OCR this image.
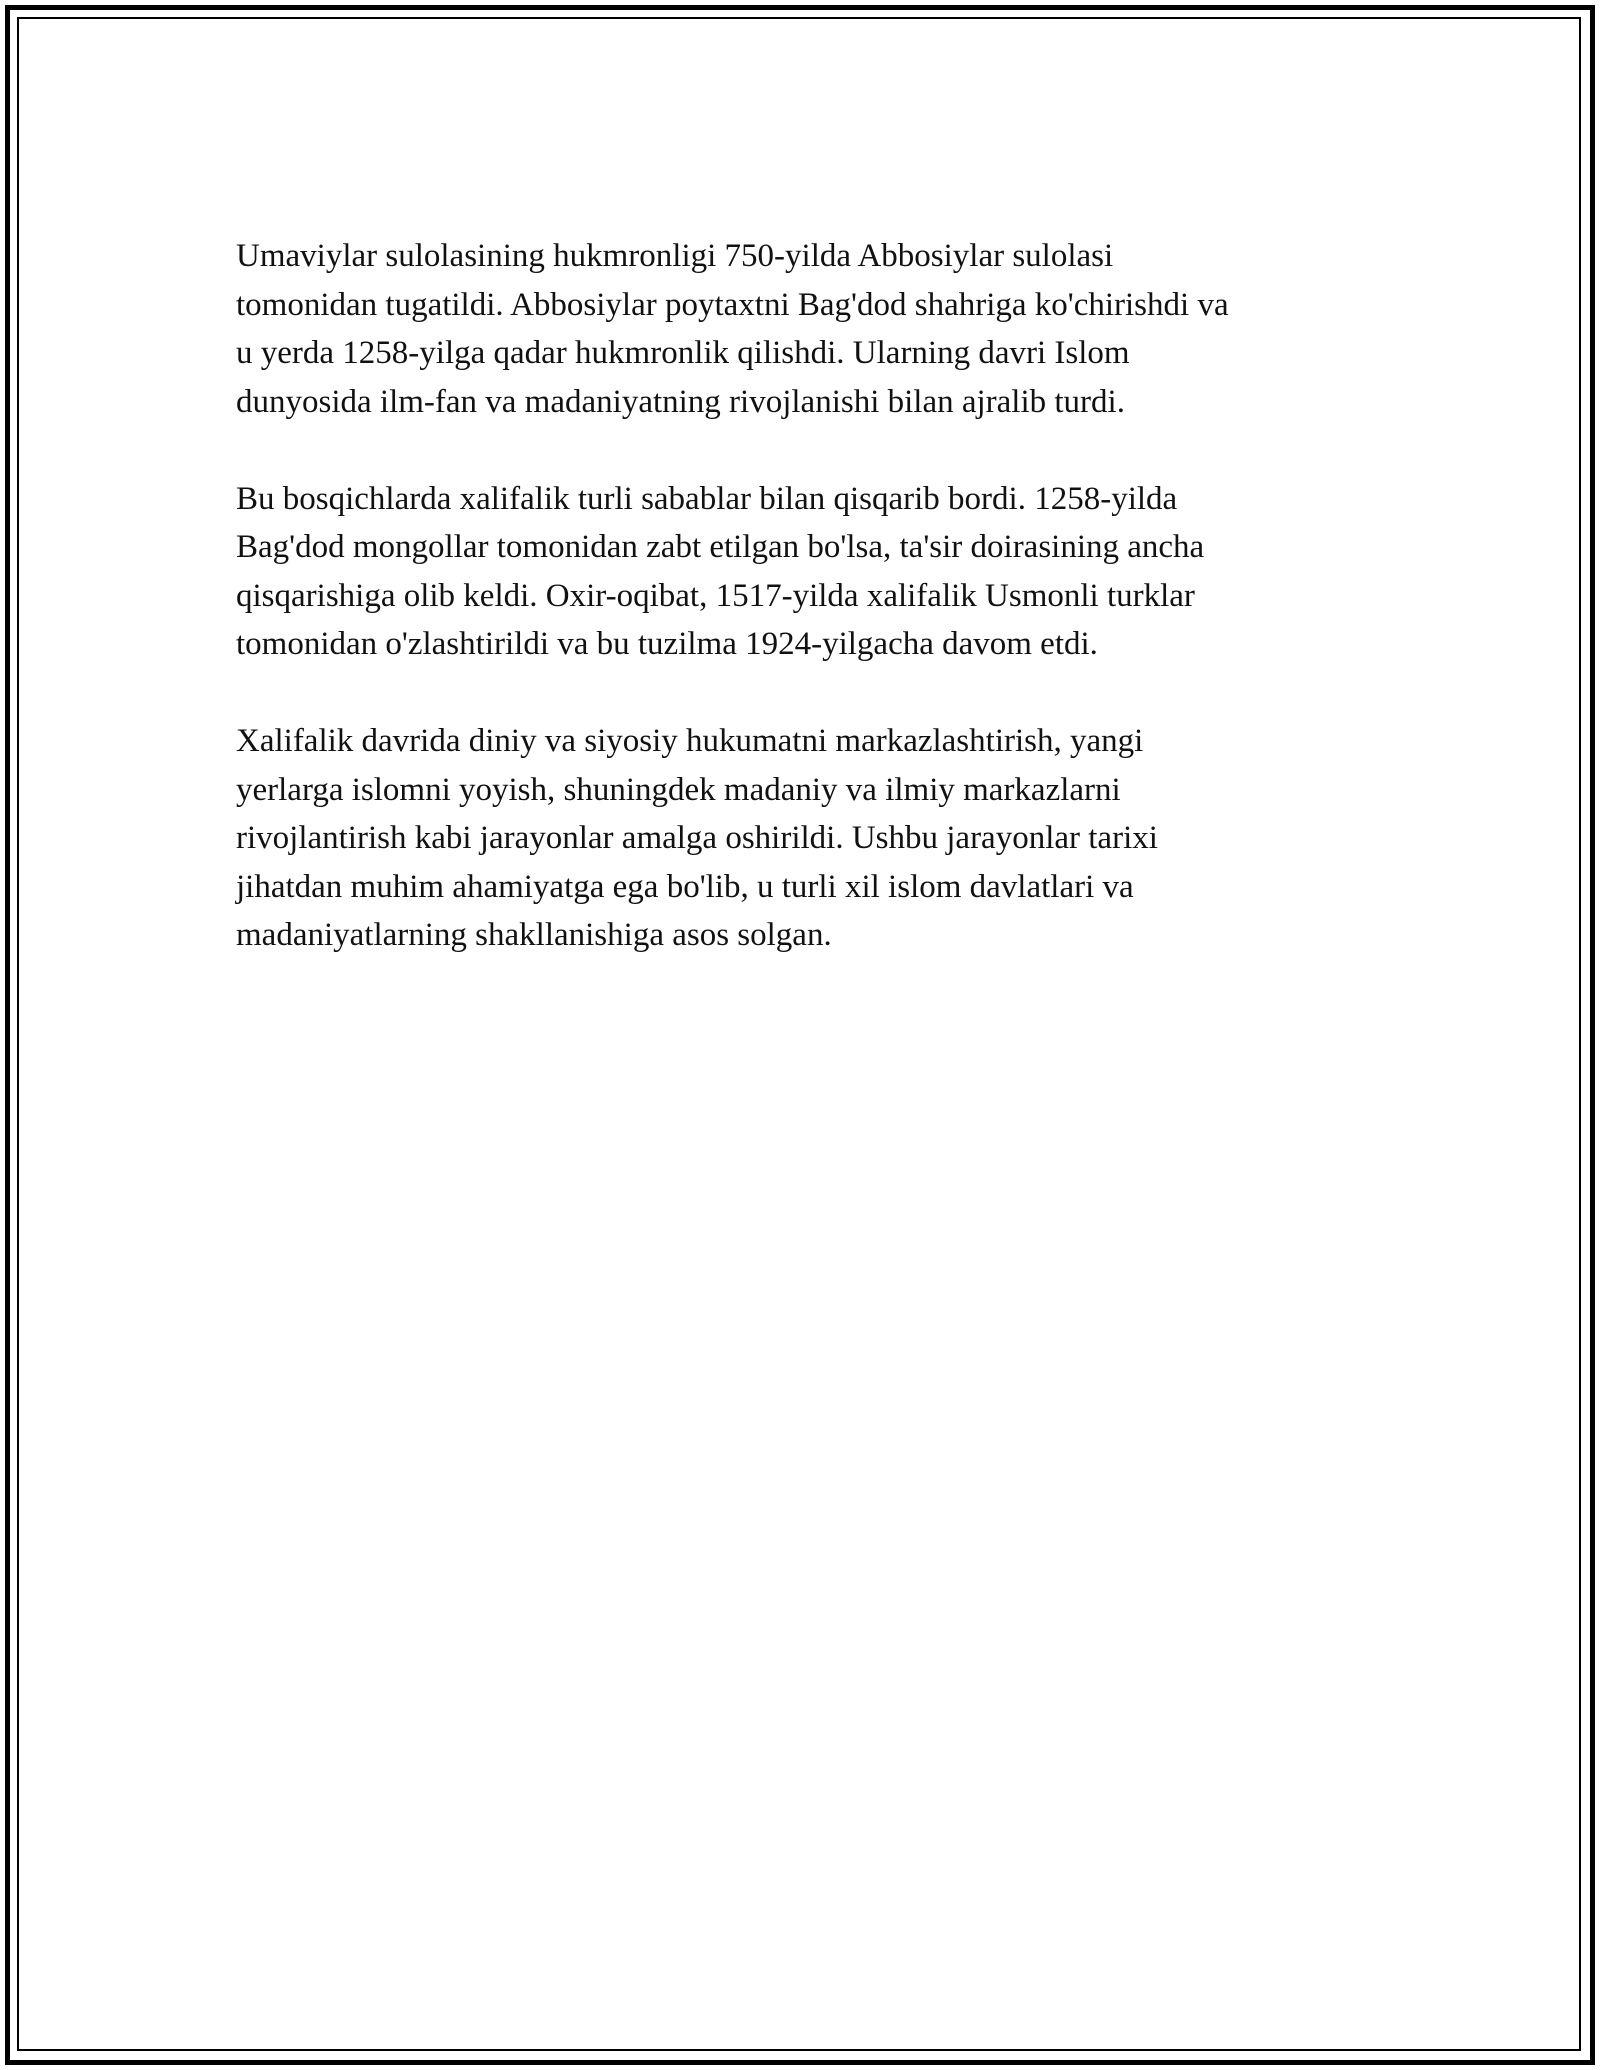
Umaviylar sulolasining hukmronligi 750-yilda Abbosiylar sulolasi
tomonidan tugatildi. Abbosiylar poytaxtni Bag'dod shahriga ko'chirishdi va
u yerda 1258-yilga qadar hukmronlik qilishdi. Ularning davri Islom
dunyosida ilm-fan va madaniyatning rivojlanishi bilan ajralib turdi.

Bu bosqichlarda xalifalik turli sabablar bilan qisqarib bordi. 1258-yilda
Bag'dod mongollar tomonidan zabt etilgan bo'lsa, ta'sir doirasining ancha
qisqarishiga olib keldi. Oxir-oqibat, 1517-yilda xalifalik Usmonli turklar
tomonidan o'zlashtirildi va bu tuzilma 1924-yilgacha davom etdi.

Xalifalik davrida diniy va siyosiy hukumatni markazlashtirish, yangi
yerlarga islomni yoyish, shuningdek madaniy va ilmiy markazlarni
rivojlantirish kabi jarayonlar amalga oshirildi. Ushbu jarayonlar tarixi
jihatdan muhim ahamiyatga ega bo'lib, u turli xil islom davlatlari va
madaniyatlarning shakllanishiga asos solgan.
